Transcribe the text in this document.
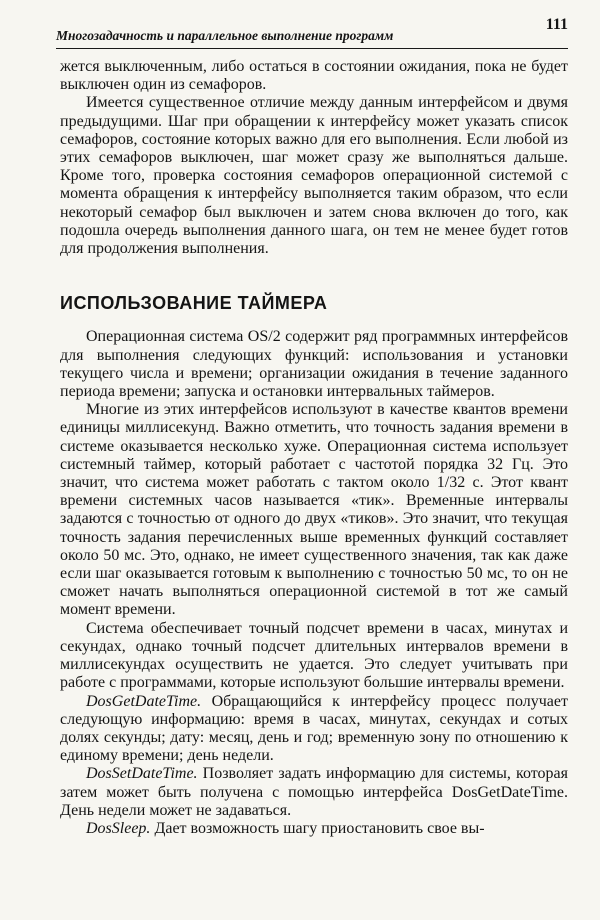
Многозадачность и параллельное выполнение программ
111

жется выключенным, либо остаться в состоянии ожидания, пока не будет выключен один из семафоров.

Имеется существенное отличие между данным интерфейсом и двумя предыдущими. Шаг при обращении к интерфейсу может указать список семафоров, состояние которых важно для его выполнения. Если любой из этих семафоров выключен, шаг может сразу же выполняться дальше. Кроме того, проверка состояния семафоров операционной системой с момента обращения к интерфейсу выполняется таким образом, что если некоторый семафор был выключен и затем снова включен до того, как подошла очередь выполнения данного шага, он тем не менее будет готов для продолжения выполнения.

ИСПОЛЬЗОВАНИЕ ТАЙМЕРА

Операционная система OS/2 содержит ряд программных интерфейсов для выполнения следующих функций: использования и установки текущего числа и времени; организации ожидания в течение заданного периода времени; запуска и остановки интервальных таймеров.

Многие из этих интерфейсов используют в качестве квантов времени единицы миллисекунд. Важно отметить, что точность задания времени в системе оказывается несколько хуже. Операционная система использует системный таймер, который работает с частотой порядка 32 Гц. Это значит, что система может работать с тактом около 1/32 с. Этот квант времени системных часов называется «тик». Временные интервалы задаются с точностью от одного до двух «тиков». Это значит, что текущая точность задания перечисленных выше временных функций составляет около 50 мс. Это, однако, не имеет существенного значения, так как даже если шаг оказывается готовым к выполнению с точностью 50 мс, то он не сможет начать выполняться операционной системой в тот же самый момент времени.

Система обеспечивает точный подсчет времени в часах, минутах и секундах, однако точный подсчет длительных интервалов времени в миллисекундах осуществить не удается. Это следует учитывать при работе с программами, которые используют большие интервалы времени.

DosGetDateTime. Обращающийся к интерфейсу процесс получает следующую информацию: время в часах, минутах, секундах и сотых долях секунды; дату: месяц, день и год; временную зону по отношению к единому времени; день недели.

DosSetDateTime. Позволяет задать информацию для системы, которая затем может быть получена с помощью интерфейса DosGetDateTime. День недели может не задаваться.

DosSleep. Дает возможность шагу приостановить свое вы-
